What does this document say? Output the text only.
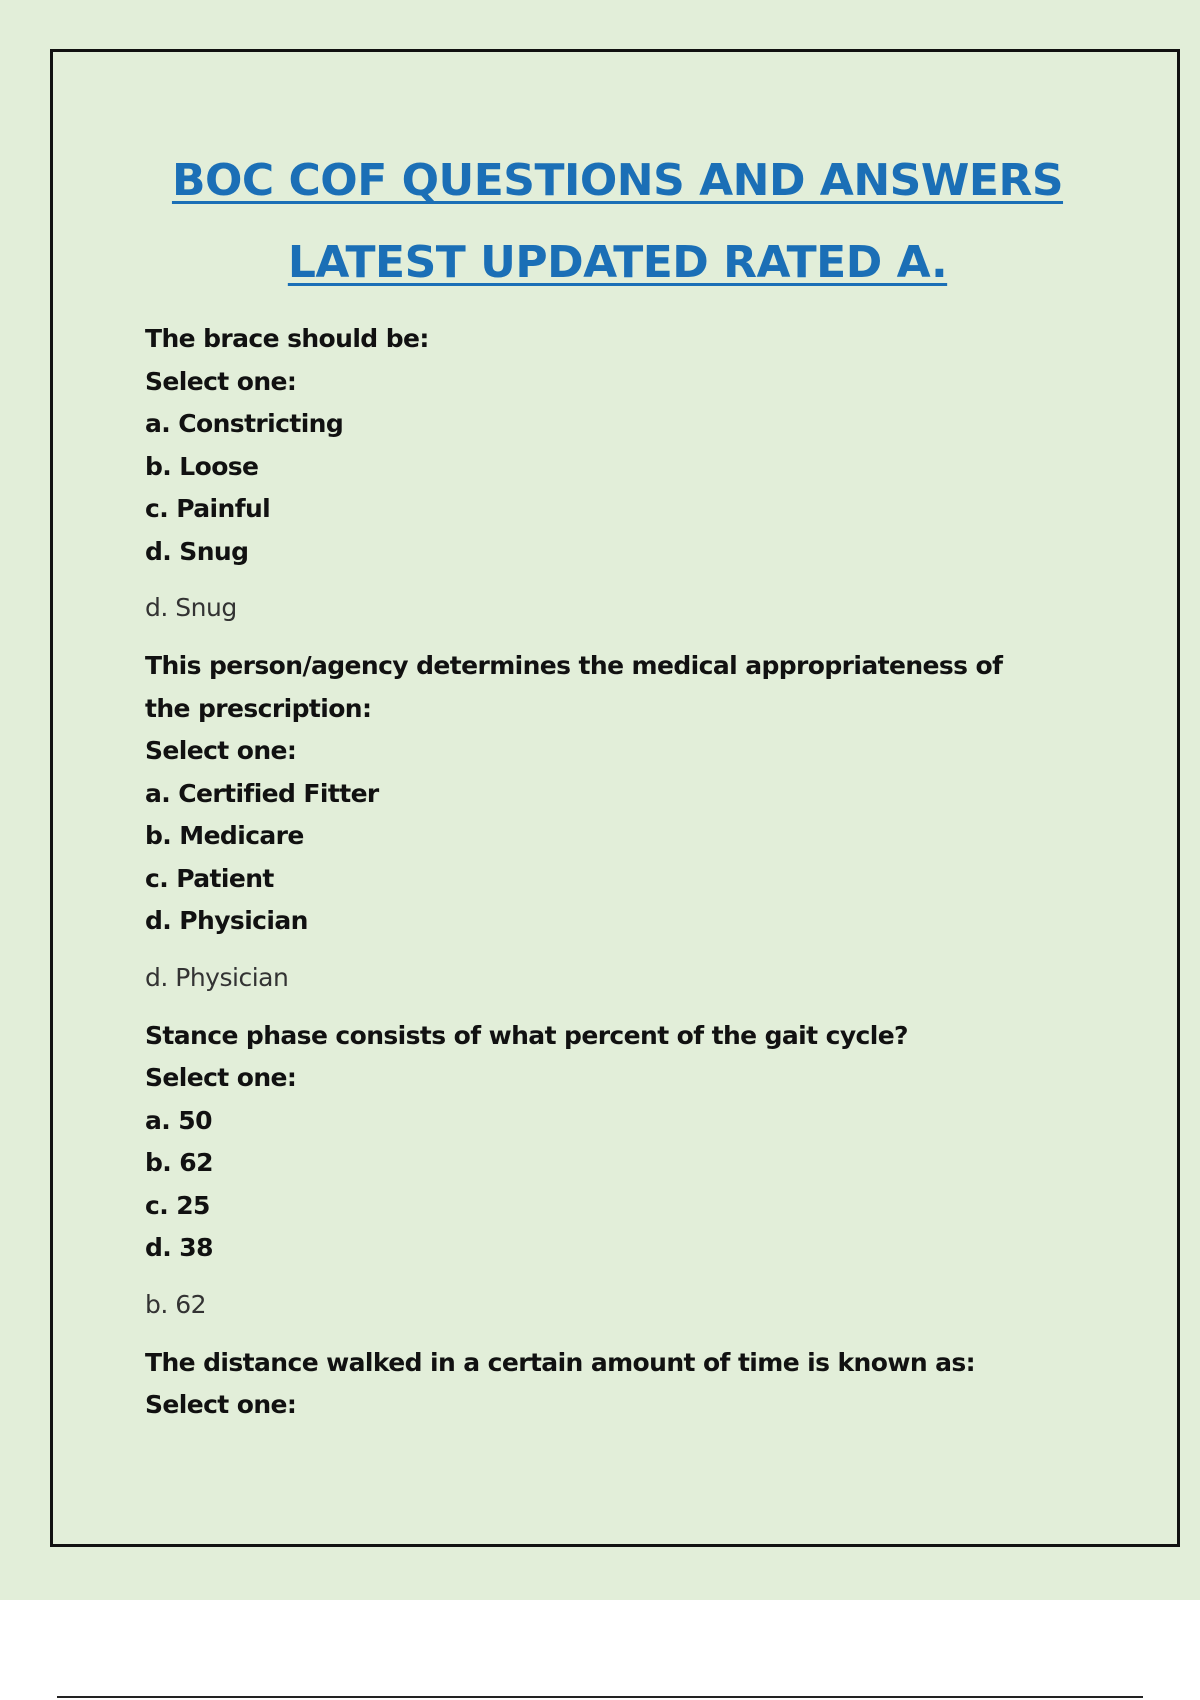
BOC COF QUESTIONS AND ANSWERS
LATEST UPDATED RATED A.

The brace should be:

Select one:

a. Constricting

b. Loose

c. Painful

d. Snug

d. Snug

This person/agency determines the medical appropriateness of the prescription:

Select one:

a. Certified Fitter

b. Medicare

c. Patient

d. Physician

d. Physician

Stance phase consists of what percent of the gait cycle?

Select one:

a. 50

b. 62

c. 25

d. 38

b. 62

The distance walked in a certain amount of time is known as:

Select one:
